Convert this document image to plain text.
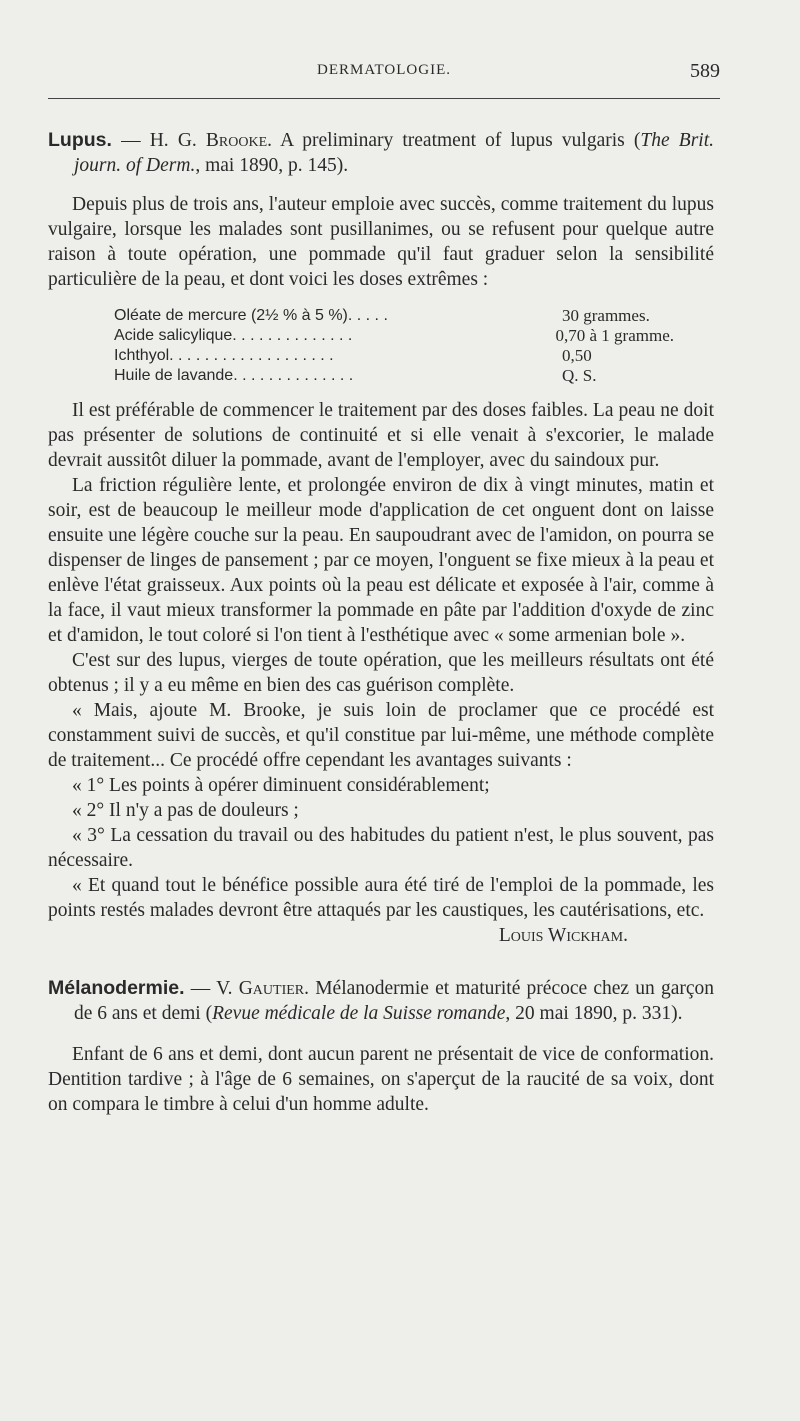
DERMATOLOGIE.	589

Lupus. — H. G. Brooke. A preliminary treatment of lupus vulgaris (The Brit. journ. of Derm., mai 1890, p. 145).

Depuis plus de trois ans, l'auteur emploie avec succès, comme traitement du lupus vulgaire, lorsque les malades sont pusillanimes, ou se refusent pour quelque autre raison à toute opération, une pommade qu'il faut graduer selon la sensibilité particulière de la peau, et dont voici les doses extrêmes :

Oléate de mercure (2½ % à 5 %). . . . .	30 grammes.
Acide salicylique. . . . . . . . . . . . . .	0,70 à 1 gramme.
Ichthyol. . . . . . . . . . . . . . . . . . .	0,50
Huile de lavande. . . . . . . . . . . . . .	Q. S.

Il est préférable de commencer le traitement par des doses faibles. La peau ne doit pas présenter de solutions de continuité et si elle venait à s'excorier, le malade devrait aussitôt diluer la pommade, avant de l'employer, avec du saindoux pur.

La friction régulière lente, et prolongée environ de dix à vingt minutes, matin et soir, est de beaucoup le meilleur mode d'application de cet onguent dont on laisse ensuite une légère couche sur la peau. En saupoudrant avec de l'amidon, on pourra se dispenser de linges de pansement ; par ce moyen, l'onguent se fixe mieux à la peau et enlève l'état graisseux. Aux points où la peau est délicate et exposée à l'air, comme à la face, il vaut mieux transformer la pommade en pâte par l'addition d'oxyde de zinc et d'amidon, le tout coloré si l'on tient à l'esthétique avec « some armenian bole ».

C'est sur des lupus, vierges de toute opération, que les meilleurs résultats ont été obtenus ; il y a eu même en bien des cas guérison complète.

« Mais, ajoute M. Brooke, je suis loin de proclamer que ce procédé est constamment suivi de succès, et qu'il constitue par lui-même, une méthode complète de traitement... Ce procédé offre cependant les avantages suivants :

« 1° Les points à opérer diminuent considérablement;

« 2° Il n'y a pas de douleurs ;

« 3° La cessation du travail ou des habitudes du patient n'est, le plus souvent, pas nécessaire.

« Et quand tout le bénéfice possible aura été tiré de l'emploi de la pommade, les points restés malades devront être attaqués par les caustiques, les cautérisations, etc.

Louis Wickham.

Mélanodermie. — V. Gautier. Mélanodermie et maturité précoce chez un garçon de 6 ans et demi (Revue médicale de la Suisse romande, 20 mai 1890, p. 331).

Enfant de 6 ans et demi, dont aucun parent ne présentait de vice de conformation. Dentition tardive ; à l'âge de 6 semaines, on s'aperçut de la raucité de sa voix, dont on compara le timbre à celui d'un homme adulte.
